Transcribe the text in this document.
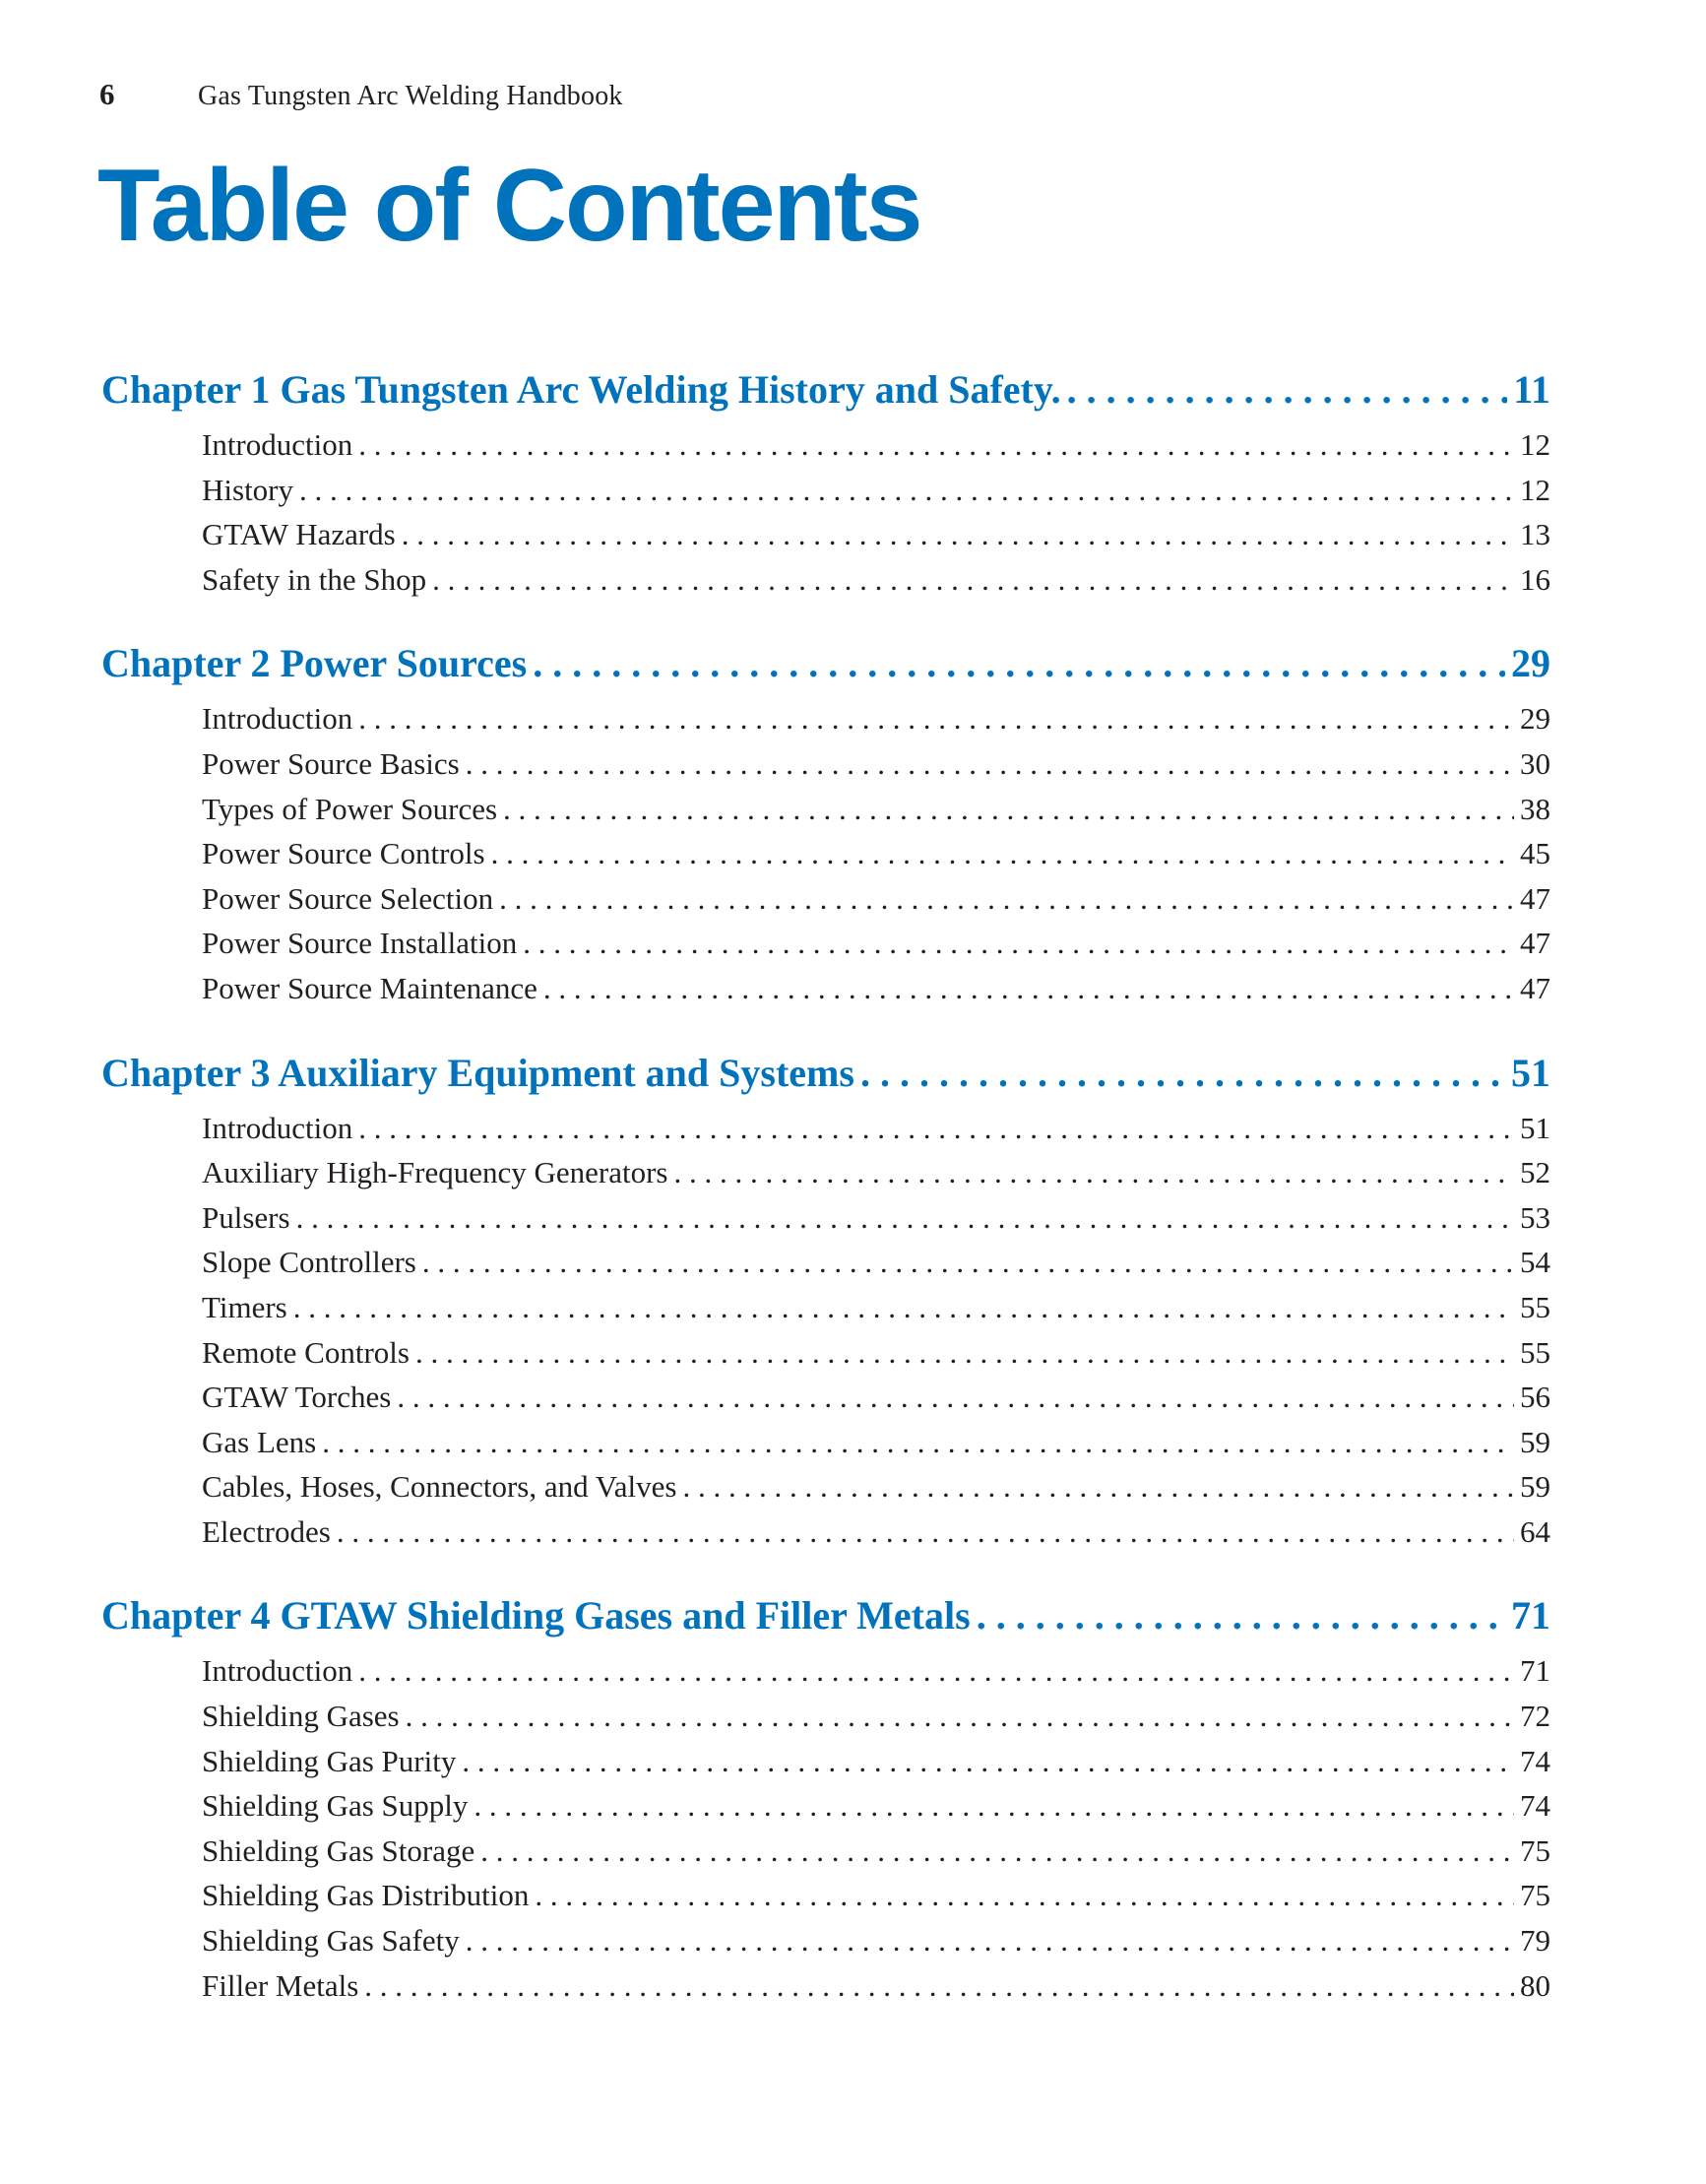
6	Gas Tungsten Arc Welding Handbook
Table of Contents
Chapter 1 Gas Tungsten Arc Welding History and Safety. . . .	11
Introduction . . .	12
History . . .	12
GTAW Hazards . . .	13
Safety in the Shop . . .	16
Chapter 2 Power Sources . . .	29
Introduction . . .	29
Power Source Basics . . .	30
Types of Power Sources . . .	38
Power Source Controls . . .	45
Power Source Selection . . .	47
Power Source Installation . . .	47
Power Source Maintenance . . .	47
Chapter 3 Auxiliary Equipment and Systems . . .	51
Introduction . . .	51
Auxiliary High-Frequency Generators . . .	52
Pulsers . . .	53
Slope Controllers . . .	54
Timers . . .	55
Remote Controls . . .	55
GTAW Torches . . .	56
Gas Lens . . .	59
Cables, Hoses, Connectors, and Valves . . .	59
Electrodes . . .	64
Chapter 4 GTAW Shielding Gases and Filler Metals . . .	71
Introduction . . .	71
Shielding Gases . . .	72
Shielding Gas Purity . . .	74
Shielding Gas Supply . . .	74
Shielding Gas Storage . . .	75
Shielding Gas Distribution . . .	75
Shielding Gas Safety . . .	79
Filler Metals . . .	80
